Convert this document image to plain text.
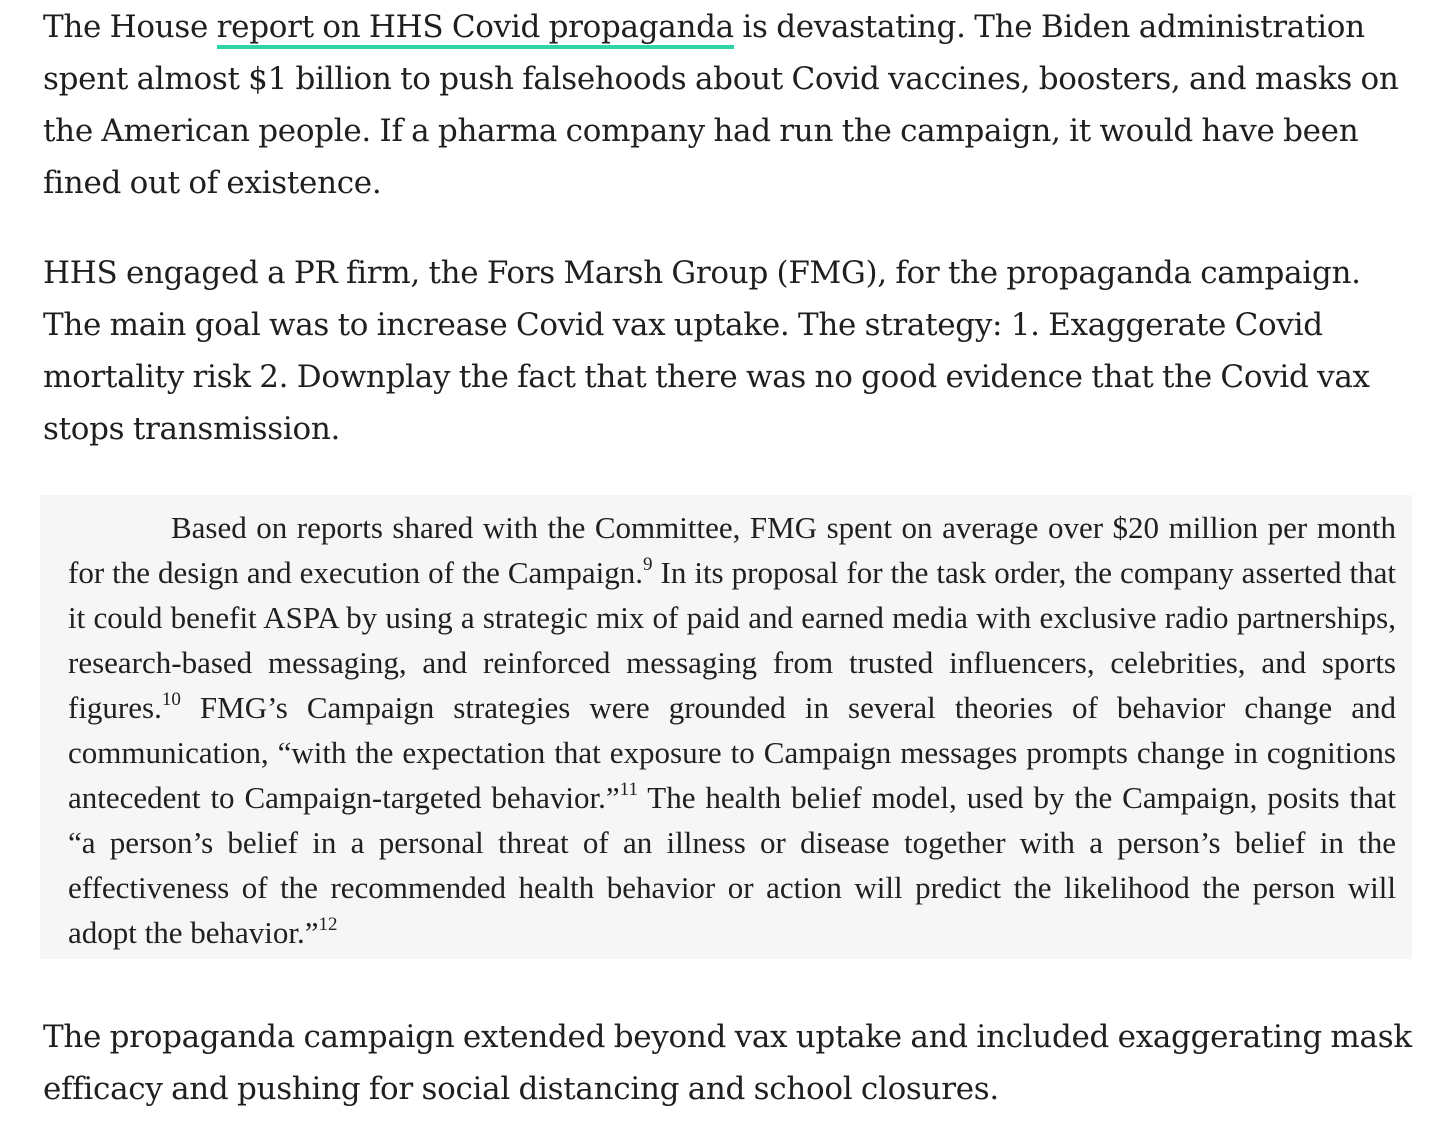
The House report on HHS Covid propaganda is devastating. The Biden administration spent almost $1 billion to push falsehoods about Covid vaccines, boosters, and masks on the American people. If a pharma company had run the campaign, it would have been fined out of existence.

HHS engaged a PR firm, the Fors Marsh Group (FMG), for the propaganda campaign. The main goal was to increase Covid vax uptake. The strategy: 1. Exaggerate Covid mortality risk 2. Downplay the fact that there was no good evidence that the Covid vax stops transmission.

Based on reports shared with the Committee, FMG spent on average over $20 million per month for the design and execution of the Campaign.$^9$ In its proposal for the task order, the company asserted that it could benefit ASPA by using a strategic mix of paid and earned media with exclusive radio partnerships, research-based messaging, and reinforced messaging from trusted influencers, celebrities, and sports figures.$^{10}$ FMG’s Campaign strategies were grounded in several theories of behavior change and communication, “with the expectation that exposure to Campaign messages prompts change in cognitions antecedent to Campaign-targeted behavior.”$^{11}$ The health belief model, used by the Campaign, posits that “a person’s belief in a personal threat of an illness or disease together with a person’s belief in the effectiveness of the recommended health behavior or action will predict the likelihood the person will adopt the behavior.”$^{12}$

The propaganda campaign extended beyond vax uptake and included exaggerating mask efficacy and pushing for social distancing and school closures.
